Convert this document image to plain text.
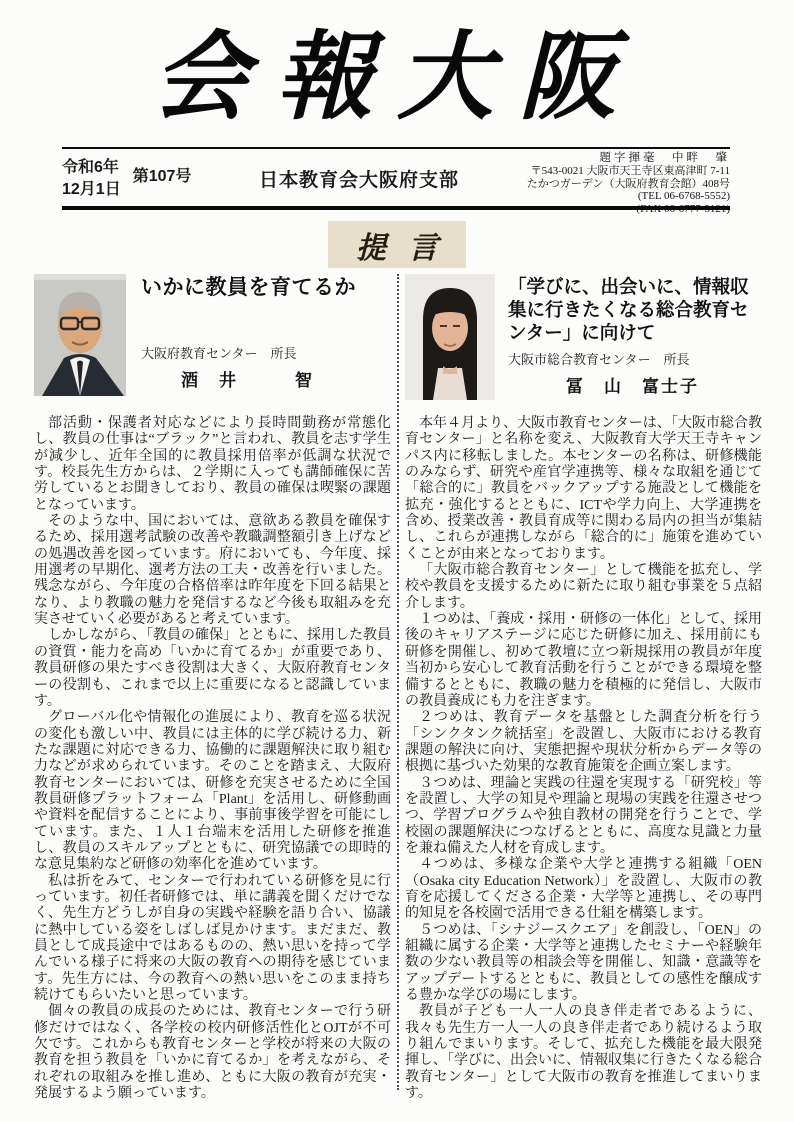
会報大阪
令和6年
12月1日
第107号	日本教育会大阪府支部
題字揮毫　中畔　肇
〒543-0021 大阪市天王寺区東高津町 7-11
たかつガーデン（大阪府教育会館）408号
(TEL 06-6768-5552)
提言
いかに教員を育てるか
大阪府教育センター　所長
酒　井　　　智

部活動・保護者対応などにより長時間勤務が常態化し、教員の仕事は“ブラック”と言われ、教員を志す学生が減少し、近年全国的に教員採用倍率が低調な状況です。校長先生方からは、２学期に入っても講師確保に苦労しているとお聞きしており、教員の確保は喫緊の課題となっています。

そのような中、国においては、意欲ある教員を確保するため、採用選考試験の改善や教職調整額引き上げなどの処遇改善を図っています。府においても、今年度、採用選考の早期化、選考方法の工夫・改善を行いました。残念ながら、今年度の合格倍率は昨年度を下回る結果となり、より教職の魅力を発信するなど今後も取組みを充実させていく必要があると考えています。

しかしながら、「教員の確保」とともに、採用した教員の資質・能力を高め「いかに育てるか」が重要であり、教員研修の果たすべき役割は大きく、大阪府教育センターの役割も、これまで以上に重要になると認識しています。

グローバル化や情報化の進展により、教育を巡る状況の変化も激しい中、教員には主体的に学び続ける力、新たな課題に対応できる力、協働的に課題解決に取り組む力などが求められています。そのことを踏まえ、大阪府教育センターにおいては、研修を充実させるために全国教員研修プラットフォーム「Plant」を活用し、研修動画や資料を配信することにより、事前事後学習を可能にしています。また、１人１台端末を活用した研修を推進し、教員のスキルアップとともに、研究協議での即時的な意見集約など研修の効率化を進めています。

私は折をみて、センターで行われている研修を見に行っています。初任者研修では、単に講義を聞くだけでなく、先生方どうしが自身の実践や経験を語り合い、協議に熱中している姿をしばしば見かけます。まだまだ、教員として成長途中ではあるものの、熱い思いを持って学んでいる様子に将来の大阪の教育への期待を感じています。先生方には、今の教育への熱い思いをこのまま持ち続けてもらいたいと思っています。

個々の教員の成長のためには、教育センターで行う研修だけではなく、各学校の校内研修活性化とOJTが不可欠です。これからも教育センターと学校が将来の大阪の教育を担う教員を「いかに育てるか」を考えながら、それぞれの取組みを推し進め、ともに大阪の教育が充実・発展するよう願っています。

「学びに、出会いに、情報収集に行きたくなる総合教育センター」に向けて
大阪市総合教育センター　所長
冨　山　富士子

本年４月より、大阪市教育センターは、「大阪市総合教育センター」と名称を変え、大阪教育大学天王寺キャンパス内に移転しました。本センターの名称は、研修機能のみならず、研究や産官学連携等、様々な取組を通じて「総合的に」教員をバックアップする施設として機能を拡充・強化するとともに、ICTや学力向上、大学連携を含め、授業改善・教員育成等に関わる局内の担当が集結し、これらが連携しながら「総合的に」施策を進めていくことが由来となっております。

「大阪市総合教育センター」として機能を拡充し、学校や教員を支援するために新たに取り組む事業を５点紹介します。

１つめは、「養成・採用・研修の一体化」として、採用後のキャリアステージに応じた研修に加え、採用前にも研修を開催し、初めて教壇に立つ新規採用の教員が年度当初から安心して教育活動を行うことができる環境を整備するとともに、教職の魅力を積極的に発信し、大阪市の教員養成にも力を注ぎます。

２つめは、教育データを基盤とした調査分析を行う「シンクタンク統括室」を設置し、大阪市における教育課題の解決に向け、実態把握や現状分析からデータ等の根拠に基づいた効果的な教育施策を企画立案します。

３つめは、理論と実践の往還を実現する「研究校」等を設置し、大学の知見や理論と現場の実践を往還させつつ、学習プログラムや独自教材の開発を行うことで、学校園の課題解決につなげるとともに、高度な見識と力量を兼ね備えた人材を育成します。

４つめは、多様な企業や大学と連携する組織「OEN（Osaka city Education Network）」を設置し、大阪市の教育を応援してくださる企業・大学等と連携し、その専門的知見を各校園で活用できる仕組を構築します。

５つめは、「シナジースクエア」を創設し、「OEN」の組織に属する企業・大学等と連携したセミナーや経験年数の少ない教員等の相談会等を開催し、知識・意識等をアップデートするとともに、教員としての感性を醸成する豊かな学びの場にします。

教員が子ども一人一人の良き伴走者であるように、我々も先生方一人一人の良き伴走者であり続けるよう取り組んでまいります。そして、拡充した機能を最大限発揮し、「学びに、出会いに、情報収集に行きたくなる総合教育センター」として大阪市の教育を推進してまいります。
